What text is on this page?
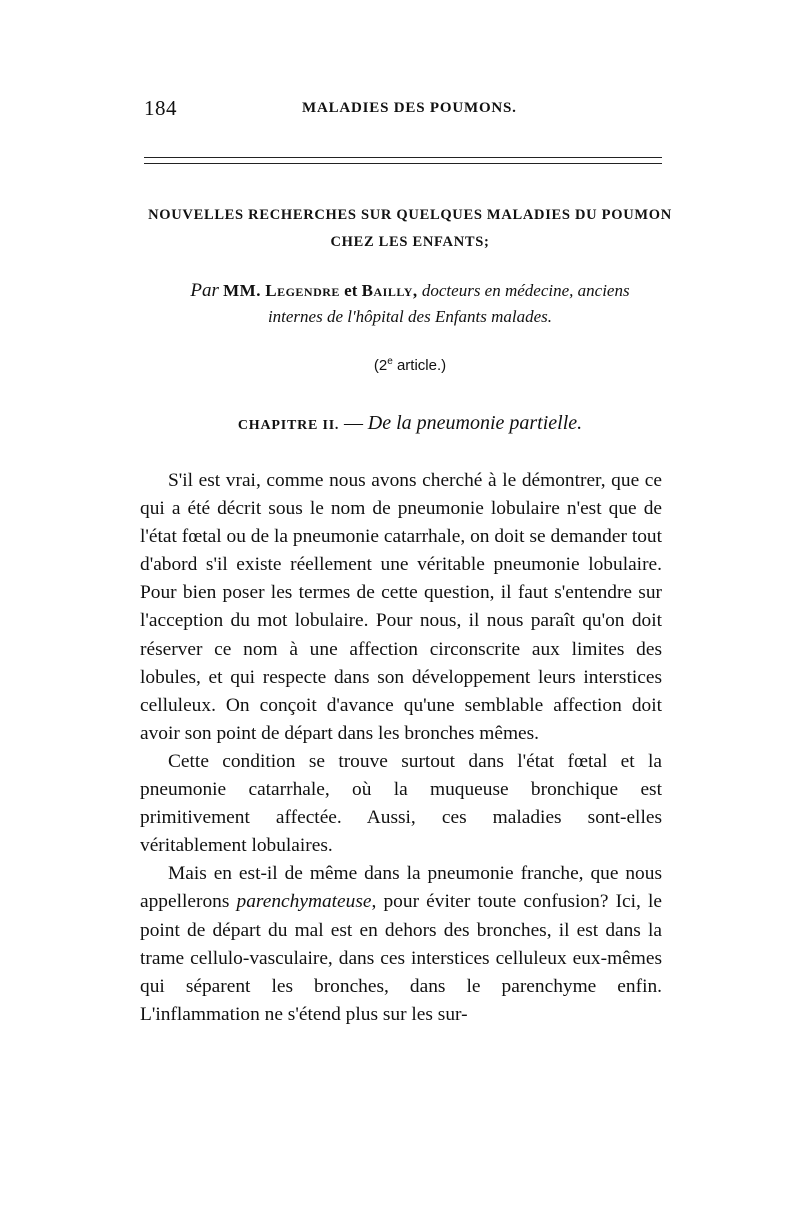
184	MALADIES DES POUMONS.
NOUVELLES RECHERCHES SUR QUELQUES MALADIES DU POUMON
CHEZ LES ENFANTS;
Par MM. Legendre et Bailly, docteurs en médecine, anciens
internes de l'hôpital des Enfants malades.
(2e article.)
CHAPITRE II. — De la pneumonie partielle.

S'il est vrai, comme nous avons cherché à le démontrer, que ce qui a été décrit sous le nom de pneumonie lobulaire n'est que de l'état fœtal ou de la pneumonie catarrhale, on doit se demander tout d'abord s'il existe réellement une véritable pneumonie lobulaire. Pour bien poser les termes de cette question, il faut s'entendre sur l'acception du mot lobulaire. Pour nous, il nous paraît qu'on doit réserver ce nom à une affection circonscrite aux limites des lobules, et qui respecte dans son développement leurs interstices celluleux. On conçoit d'avance qu'une semblable affection doit avoir son point de départ dans les bronches mêmes.

Cette condition se trouve surtout dans l'état fœtal et la pneumonie catarrhale, où la muqueuse bronchique est primitivement affectée. Aussi, ces maladies sont-elles véritablement lobulaires.

Mais en est-il de même dans la pneumonie franche, que nous appellerons parenchymateuse, pour éviter toute confusion? Ici, le point de départ du mal est en dehors des bronches, il est dans la trame cellulo-vasculaire, dans ces interstices celluleux eux-mêmes qui séparent les bronches, dans le parenchyme enfin. L'inflammation ne s'étend plus sur les sur-
